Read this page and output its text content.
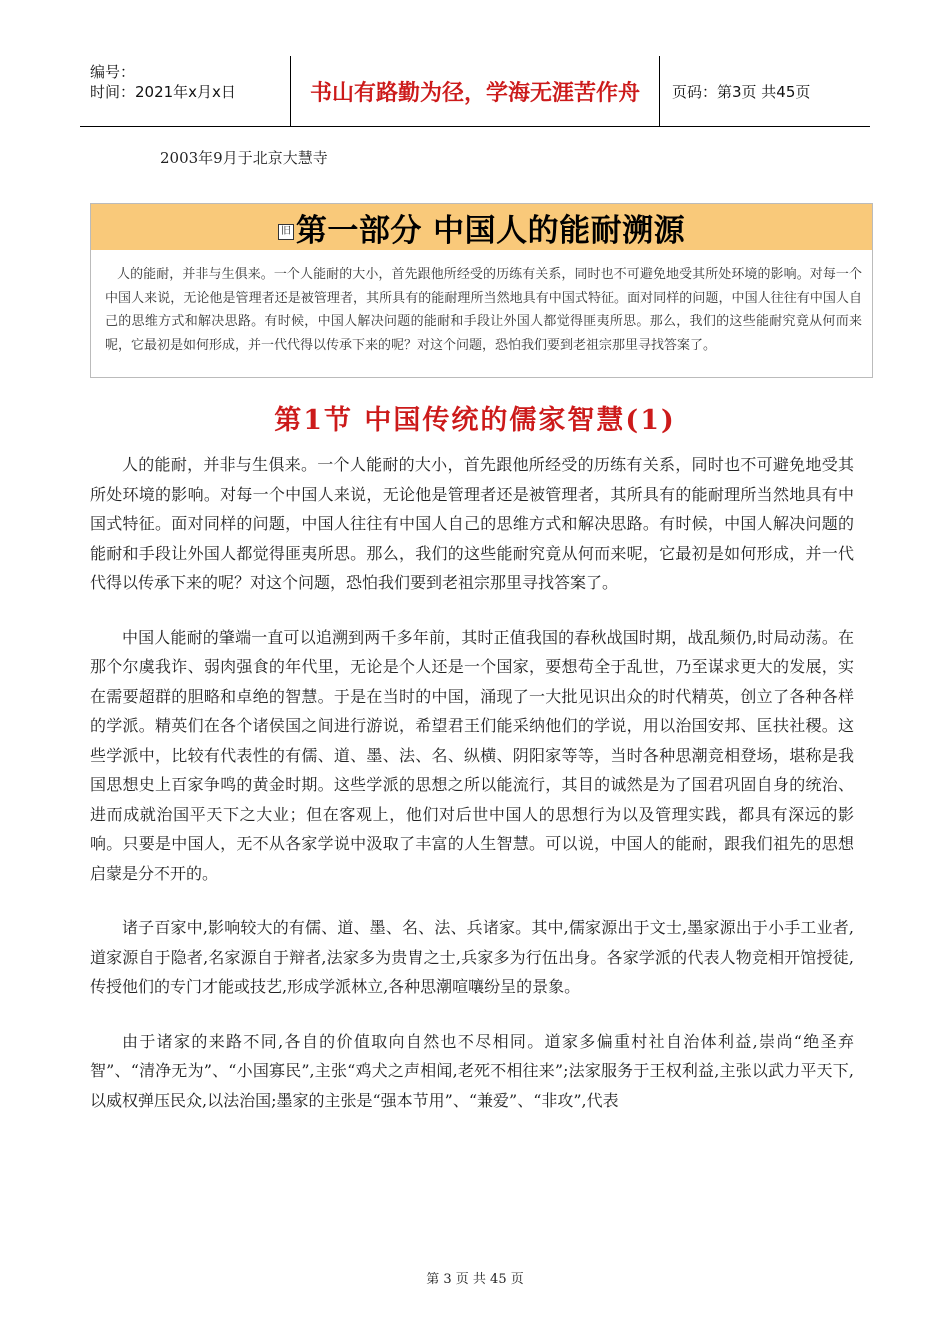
编号：
时间：2021年x月x日	书山有路勤为径，学海无涯苦作舟 页码：第3页 共45页
2003年9月于北京大慧寺
旧 第一部分 中国人的能耐溯源
人的能耐，并非与生俱来。一个人能耐的大小，首先跟他所经受的历练有关系，同时也不可避免地受其所处环境的影响。对每一个中国人来说，无论他是管理者还是被管理者，其所具有的能耐理所当然地具有中国式特征。面对同样的问题，中国人往往有中国人自己的思维方式和解决思路。有时候，中国人解决问题的能耐和手段让外国人都觉得匪夷所思。那么，我们的这些能耐究竟从何而来呢，它最初是如何形成，并一代代得以传承下来的呢？对这个问题，恐怕我们要到老祖宗那里寻找答案了。
第1节 中国传统的儒家智慧(1)

人的能耐，并非与生俱来。一个人能耐的大小，首先跟他所经受的历练有关系，同时也不可避免地受其所处环境的影响。对每一个中国人来说，无论他是管理者还是被管理者，其所具有的能耐理所当然地具有中国式特征。面对同样的问题，中国人往往有中国人自己的思维方式和解决思路。有时候，中国人解决问题的能耐和手段让外国人都觉得匪夷所思。那么，我们的这些能耐究竟从何而来呢，它最初是如何形成，并一代代得以传承下来的呢？对这个问题，恐怕我们要到老祖宗那里寻找答案了。

中国人能耐的肇端一直可以追溯到两千多年前，其时正值我国的春秋战国时期，战乱频仍,时局动荡。在那个尔虞我诈、弱肉强食的年代里，无论是个人还是一个国家，要想苟全于乱世，乃至谋求更大的发展，实在需要超群的胆略和卓绝的智慧。于是在当时的中国，涌现了一大批见识出众的时代精英，创立了各种各样的学派。精英们在各个诸侯国之间进行游说，希望君王们能采纳他们的学说，用以治国安邦、匡扶社稷。这些学派中，比较有代表性的有儒、道、墨、法、名、纵横、阴阳家等等，当时各种思潮竞相登场，堪称是我国思想史上百家争鸣的黄金时期。这些学派的思想之所以能流行，其目的诚然是为了国君巩固自身的统治、进而成就治国平天下之大业；但在客观上，他们对后世中国人的思想行为以及管理实践，都具有深远的影响。只要是中国人，无不从各家学说中汲取了丰富的人生智慧。可以说，中国人的能耐，跟我们祖先的思想启蒙是分不开的。

诸子百家中,影响较大的有儒、道、墨、名、法、兵诸家。其中,儒家源出于文士,墨家源出于小手工业者,道家源自于隐者,名家源自于辩者,法家多为贵胄之士,兵家多为行伍出身。各家学派的代表人物竞相开馆授徒,传授他们的专门才能或技艺,形成学派林立,各种思潮喧嚷纷呈的景象。

由于诸家的来路不同,各自的价值取向自然也不尽相同。道家多偏重村社自治体利益,崇尚“绝圣弃智”、“清净无为”、“小国寡民”,主张“鸡犬之声相闻,老死不相往来”;法家服务于王权利益,主张以武力平天下,以威权弹压民众,以法治国;墨家的主张是“强本节用”、“兼爱”、“非攻”,代表

第 3 页 共 45 页
